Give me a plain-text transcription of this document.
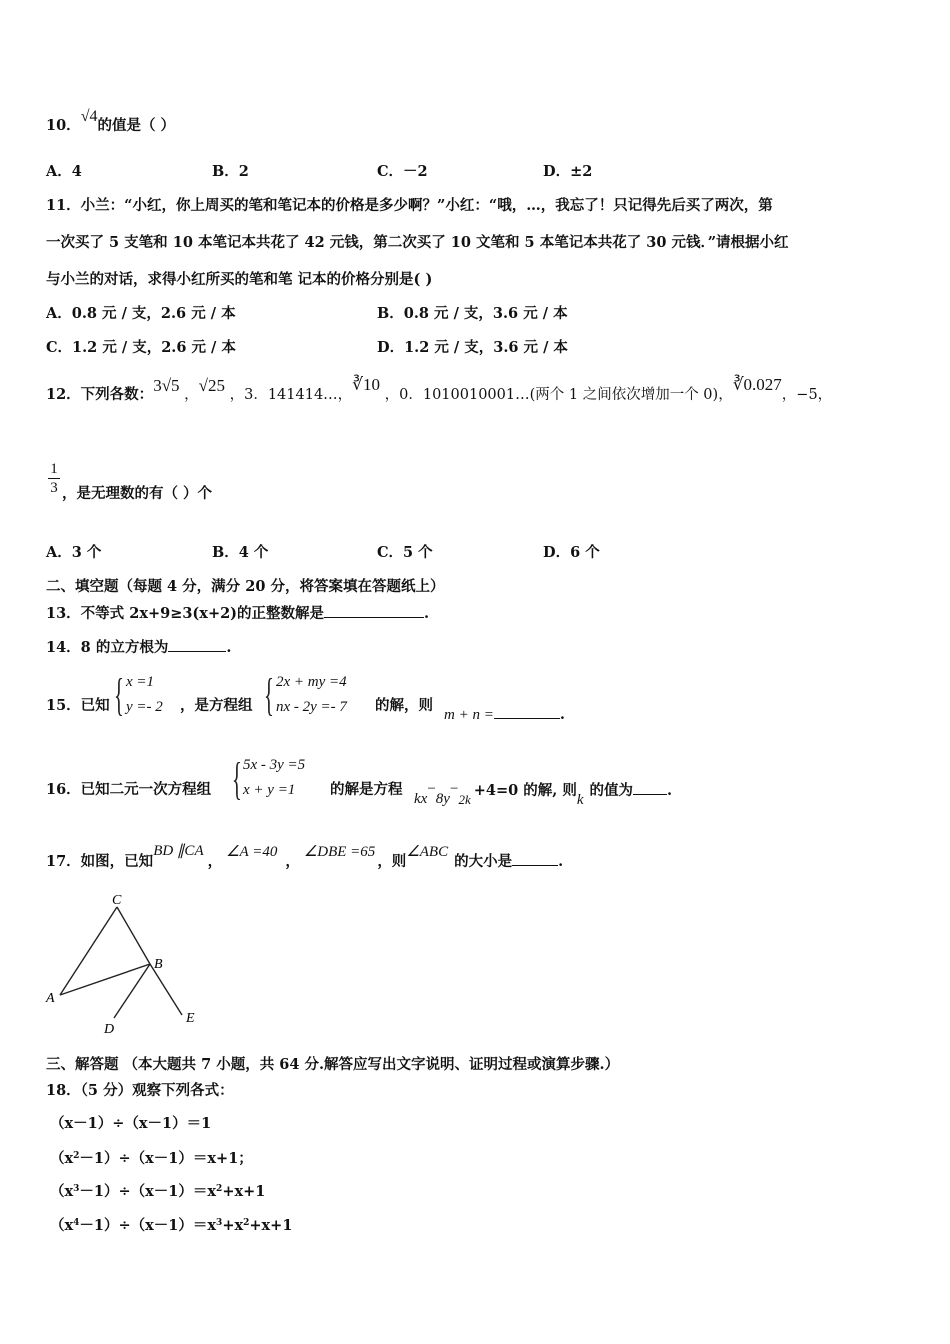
10．√4的值是（ ）
A．4	B．2	C．－2	D．±2
11．小兰：“小红，你上周买的笔和笔记本的价格是多少啊？”小红：“哦，…，我忘了！只记得先后买了两次，第
一次买了 5 支笔和 10 本笔记本共花了 42 元钱，第二次买了 10 文笔和 5 本笔记本共花了 30 元钱．”请根据小红
与小兰的对话，求得小红所买的笔和笔 记本的价格分别是( )
A．0.8 元 / 支，2.6 元 / 本	B．0.8 元 / 支，3.6 元 / 本
C．1.2 元 / 支，2.6 元 / 本	D．1.2 元 / 支，3.6 元 / 本
12．下列各数：3√5 ，√25 ，3．141414…，∛10 ，0．1010010001…(两个 1 之间依次增加一个 0)，∛0.027，−5，
1
3 ，是无理数的有（ ）个
A．3 个	B．4 个	C．5 个	D．6 个
二、填空题（每题 4 分，满分 20 分，将答案填在答题纸上）
13．不等式 2x+9≥3(x+2)的正整数解是	.
14．8 的立方根为	.
15．已知 { x =1
y =- 2 ，是方程组 { 2x + my =4
nx - 2y =- 7 的解，则
m + n =	.
16．已知二元一次方程组 { 5x - 3y =5
x + y =1	的解是方程
kx−8y−2k+4=0 的解, 则k的值为 .
17．如图，已知BD ∥CA，∠A =40，∠DBE =65，则∠ABC的大小是	.
C
A
B
D
E
三、解答题 （本大题共 7 小题，共 64 分.解答应写出文字说明、证明过程或演算步骤.）
18．（5 分）观察下列各式：
（x－1）÷（x－1）＝1
$(x^2-1)\div(x-1)=x+1$；
$(x^3-1)\div(x-1)=x^2+x+1$
$(x^4-1)\div(x-1)=x^3+x^2+x+1$
